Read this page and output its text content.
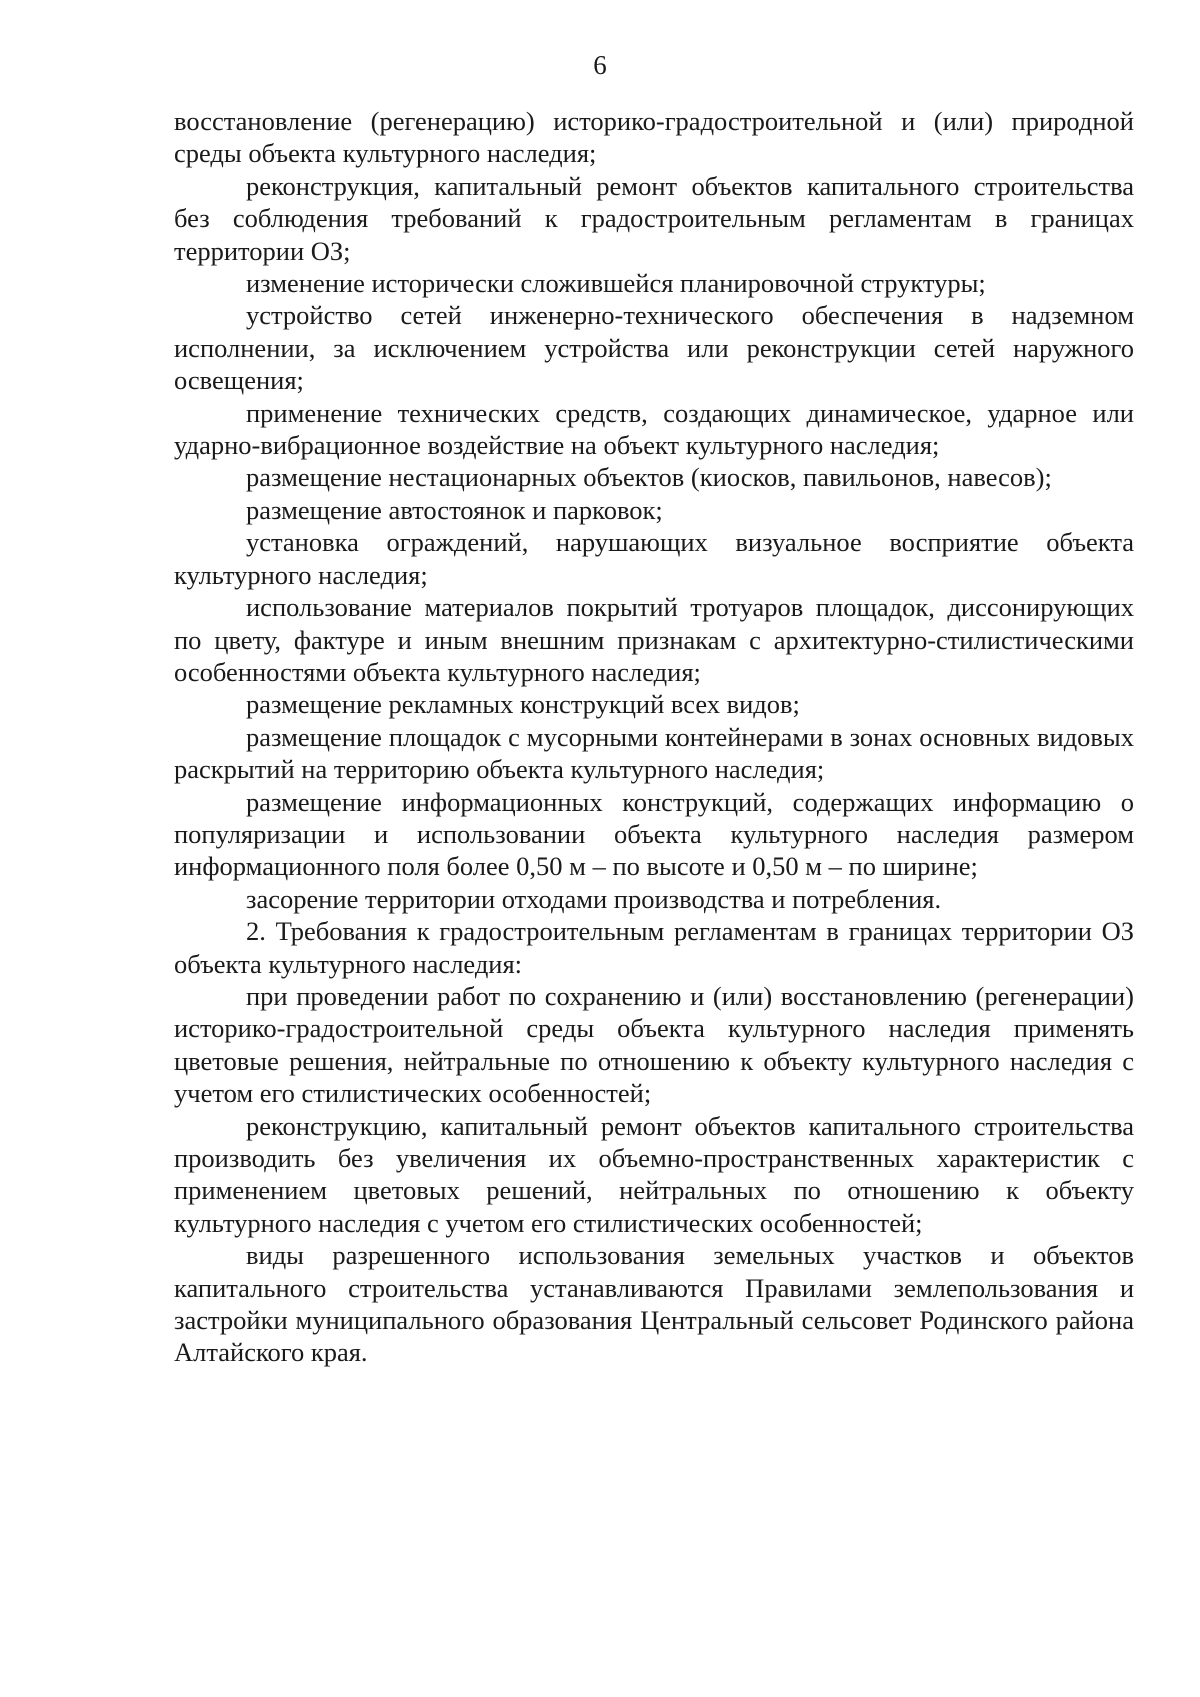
6

восстановление (регенерацию) историко-градостроительной и (или) природной среды объекта культурного наследия;

реконструкция, капитальный ремонт объектов капитального строительства без соблюдения требований к градостроительным регламентам в границах территории ОЗ;

изменение исторически сложившейся планировочной структуры;

устройство сетей инженерно-технического обеспечения в надземном исполнении, за исключением устройства или реконструкции сетей наружного освещения;

применение технических средств, создающих динамическое, ударное или ударно-вибрационное воздействие на объект культурного наследия;

размещение нестационарных объектов (киосков, павильонов, навесов);

размещение автостоянок и парковок;

установка ограждений, нарушающих визуальное восприятие объекта культурного наследия;

использование материалов покрытий тротуаров площадок, диссонирующих по цвету, фактуре и иным внешним признакам с архитектурно-стилистическими особенностями объекта культурного наследия;

размещение рекламных конструкций всех видов;

размещение площадок с мусорными контейнерами в зонах основных видовых раскрытий на территорию объекта культурного наследия;

размещение информационных конструкций, содержащих информацию о популяризации и использовании объекта культурного наследия размером информационного поля более 0,50 м – по высоте и 0,50 м – по ширине;

засорение территории отходами производства и потребления.

2. Требования к градостроительным регламентам в границах территории ОЗ объекта культурного наследия:

при проведении работ по сохранению и (или) восстановлению (регенерации) историко-градостроительной среды объекта культурного наследия применять цветовые решения, нейтральные по отношению к объекту культурного наследия с учетом его стилистических особенностей;

реконструкцию, капитальный ремонт объектов капитального строительства производить без увеличения их объемно-пространственных характеристик с применением цветовых решений, нейтральных по отношению к объекту культурного наследия с учетом его стилистических особенностей;

виды разрешенного использования земельных участков и объектов капитального строительства устанавливаются Правилами землепользования и застройки муниципального образования Центральный сельсовет Родинского района Алтайского края.
